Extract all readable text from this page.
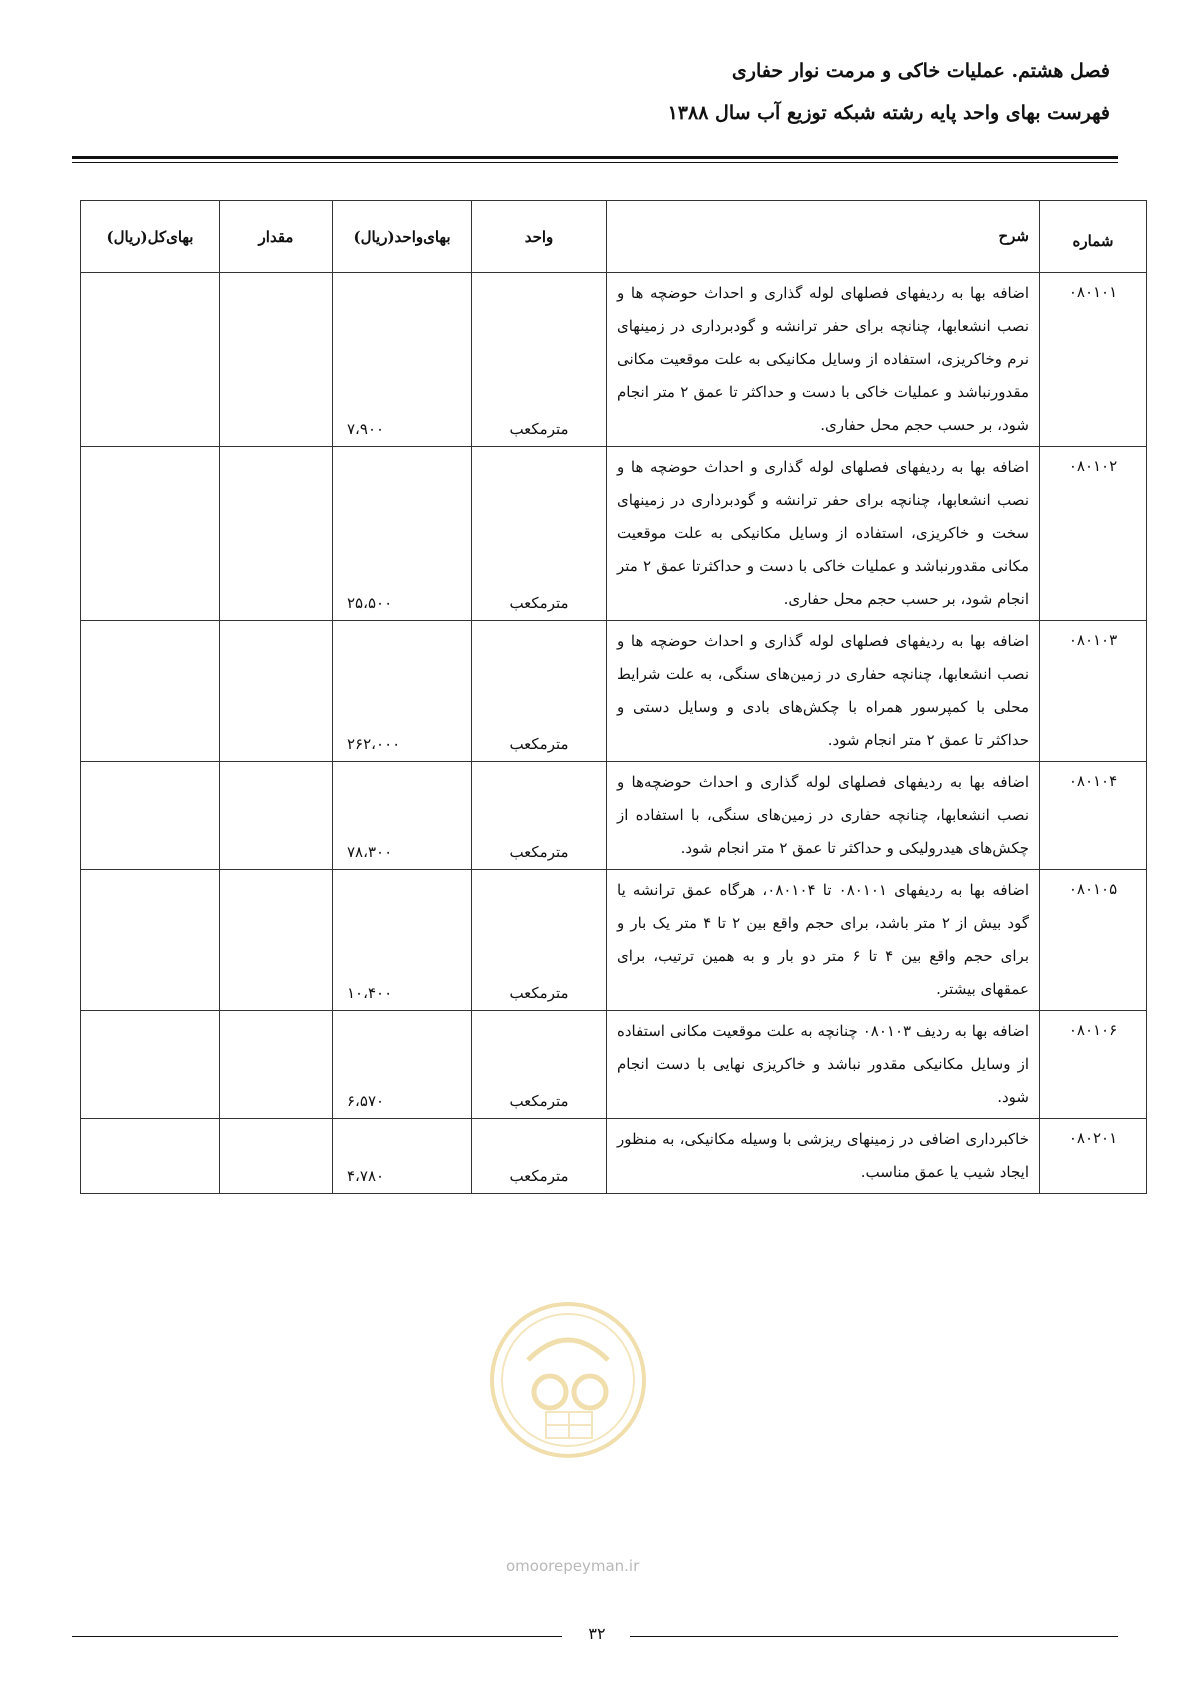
فصل هشتم. عملیات خاکی و مرمت نوار حفاری
فهرست بهای واحد پایه رشته شبکه توزیع آب سال ۱۳۸۸
شماره	شرح	واحد	بهای‌واحد(ریال)	مقدار	بهای‌کل(ریال)
۰۸۰۱۰۱	اضافه بها به ردیفهای فصلهای لوله گذاری و احداث حوضچه ها و نصب انشعابها، چنانچه برای حفر ترانشه و گودبرداری در زمینهای نرم وخاکریزی، استفاده از وسایل مکانیکی به علت موقعیت مکانی مقدورنباشد و عملیات خاکی با دست و حداکثر تا عمق ۲ متر انجام شود، بر حسب حجم محل حفاری.	مترمکعب	۷،۹۰۰		
۰۸۰۱۰۲	اضافه بها به ردیفهای فصلهای لوله گذاری و احداث حوضچه ها و نصب انشعابها، چنانچه برای حفر ترانشه و گودبرداری در زمینهای سخت و خاکریزی، استفاده از وسایل مکانیکی به علت موقعیت مکانی مقدورنباشد و عملیات خاکی با دست و حداکثرتا عمق ۲ متر انجام شود، بر حسب حجم محل حفاری.	مترمکعب	۲۵،۵۰۰		
۰۸۰۱۰۳	اضافه بها به ردیفهای فصلهای لوله گذاری و احداث حوضچه ها و نصب انشعابها، چنانچه حفاری در زمین‌های سنگی، به علت شرایط محلی با کمپرسور همراه با چکش‌های بادی و وسایل دستی و حداکثر تا عمق ۲ متر انجام شود.	مترمکعب	۲۶۲،۰۰۰		
۰۸۰۱۰۴	اضافه بها به ردیفهای فصلهای لوله گذاری و احداث حوضچه‌ها و نصب انشعابها، چنانچه حفاری در زمین‌های سنگی، با استفاده از چکش‌های هیدرولیکی و حداکثر تا عمق ۲ متر انجام شود.	مترمکعب	۷۸،۳۰۰		
۰۸۰۱۰۵	اضافه بها به ردیفهای ۰۸۰۱۰۱ تا ۰۸۰۱۰۴، هرگاه عمق ترانشه یا گود بیش از ۲ متر باشد، برای حجم واقع بین ۲ تا ۴ متر یک بار و برای حجم واقع بین ۴ تا ۶ متر دو بار و به همین ترتیب، برای عمقهای بیشتر.	مترمکعب	۱۰،۴۰۰		
۰۸۰۱۰۶	اضافه بها به ردیف ۰۸۰۱۰۳ چنانچه به علت موقعیت مکانی استفاده از وسایل مکانیکی مقدور نباشد و خاکریزی نهایی با دست انجام شود.	مترمکعب	۶،۵۷۰		
۰۸۰۲۰۱	خاکبرداری اضافی در زمینهای ریزشی با وسیله مکانیکی، به منظور ایجاد شیب یا عمق مناسب.	مترمکعب	۴،۷۸۰		
omoorepeyman.ir
۳۲
